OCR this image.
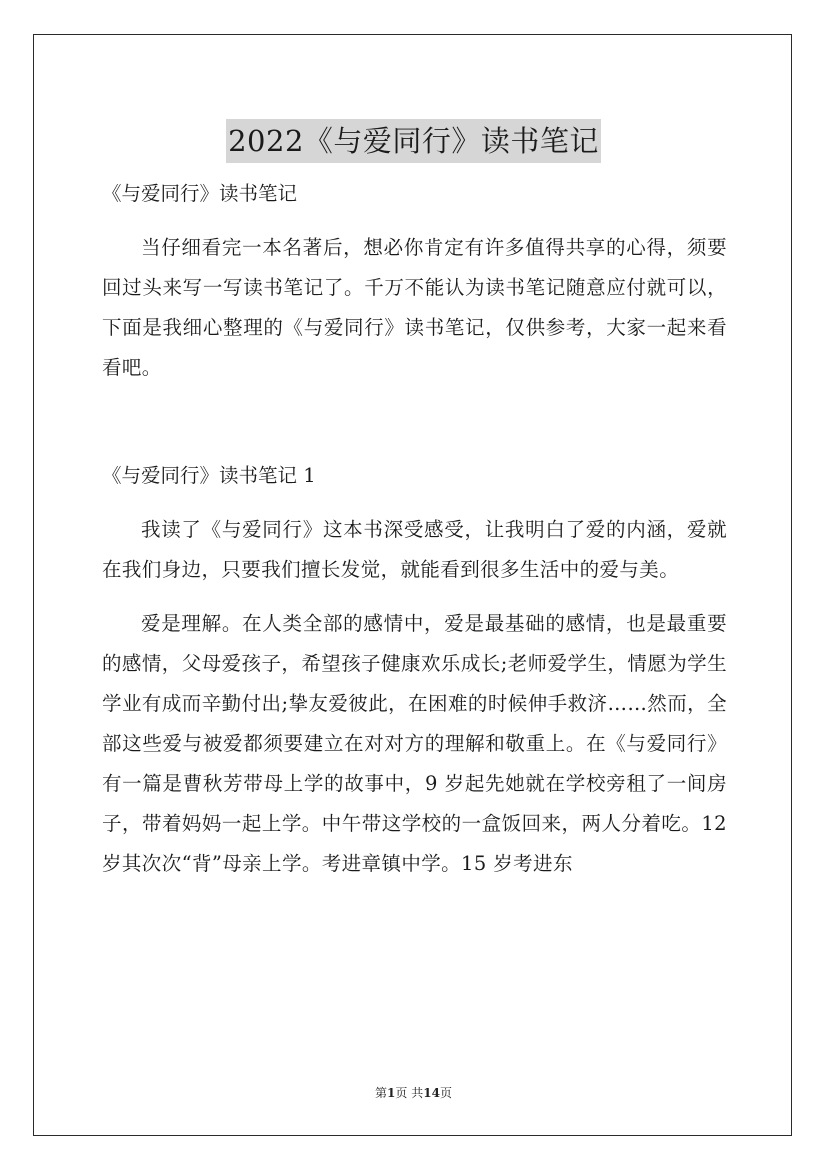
2022《与爱同行》读书笔记

《与爱同行》读书笔记

当仔细看完一本名著后，想必你肯定有许多值得共享的心得，须要回过头来写一写读书笔记了。千万不能认为读书笔记随意应付就可以，下面是我细心整理的《与爱同行》读书笔记，仅供参考，大家一起来看看吧。

《与爱同行》读书笔记 1

我读了《与爱同行》这本书深受感受，让我明白了爱的内涵，爱就在我们身边，只要我们擅长发觉，就能看到很多生活中的爱与美。

爱是理解。在人类全部的感情中，爱是最基础的感情，也是最重要的感情，父母爱孩子，希望孩子健康欢乐成长;老师爱学生，情愿为学生学业有成而辛勤付出;挚友爱彼此，在困难的时候伸手救济……然而，全部这些爱与被爱都须要建立在对对方的理解和敬重上。在《与爱同行》有一篇是曹秋芳带母上学的故事中，9 岁起先她就在学校旁租了一间房子，带着妈妈一起上学。中午带这学校的一盒饭回来，两人分着吃。12 岁其次次“背”母亲上学。考进章镇中学。15 岁考进东

第1页 共14页
